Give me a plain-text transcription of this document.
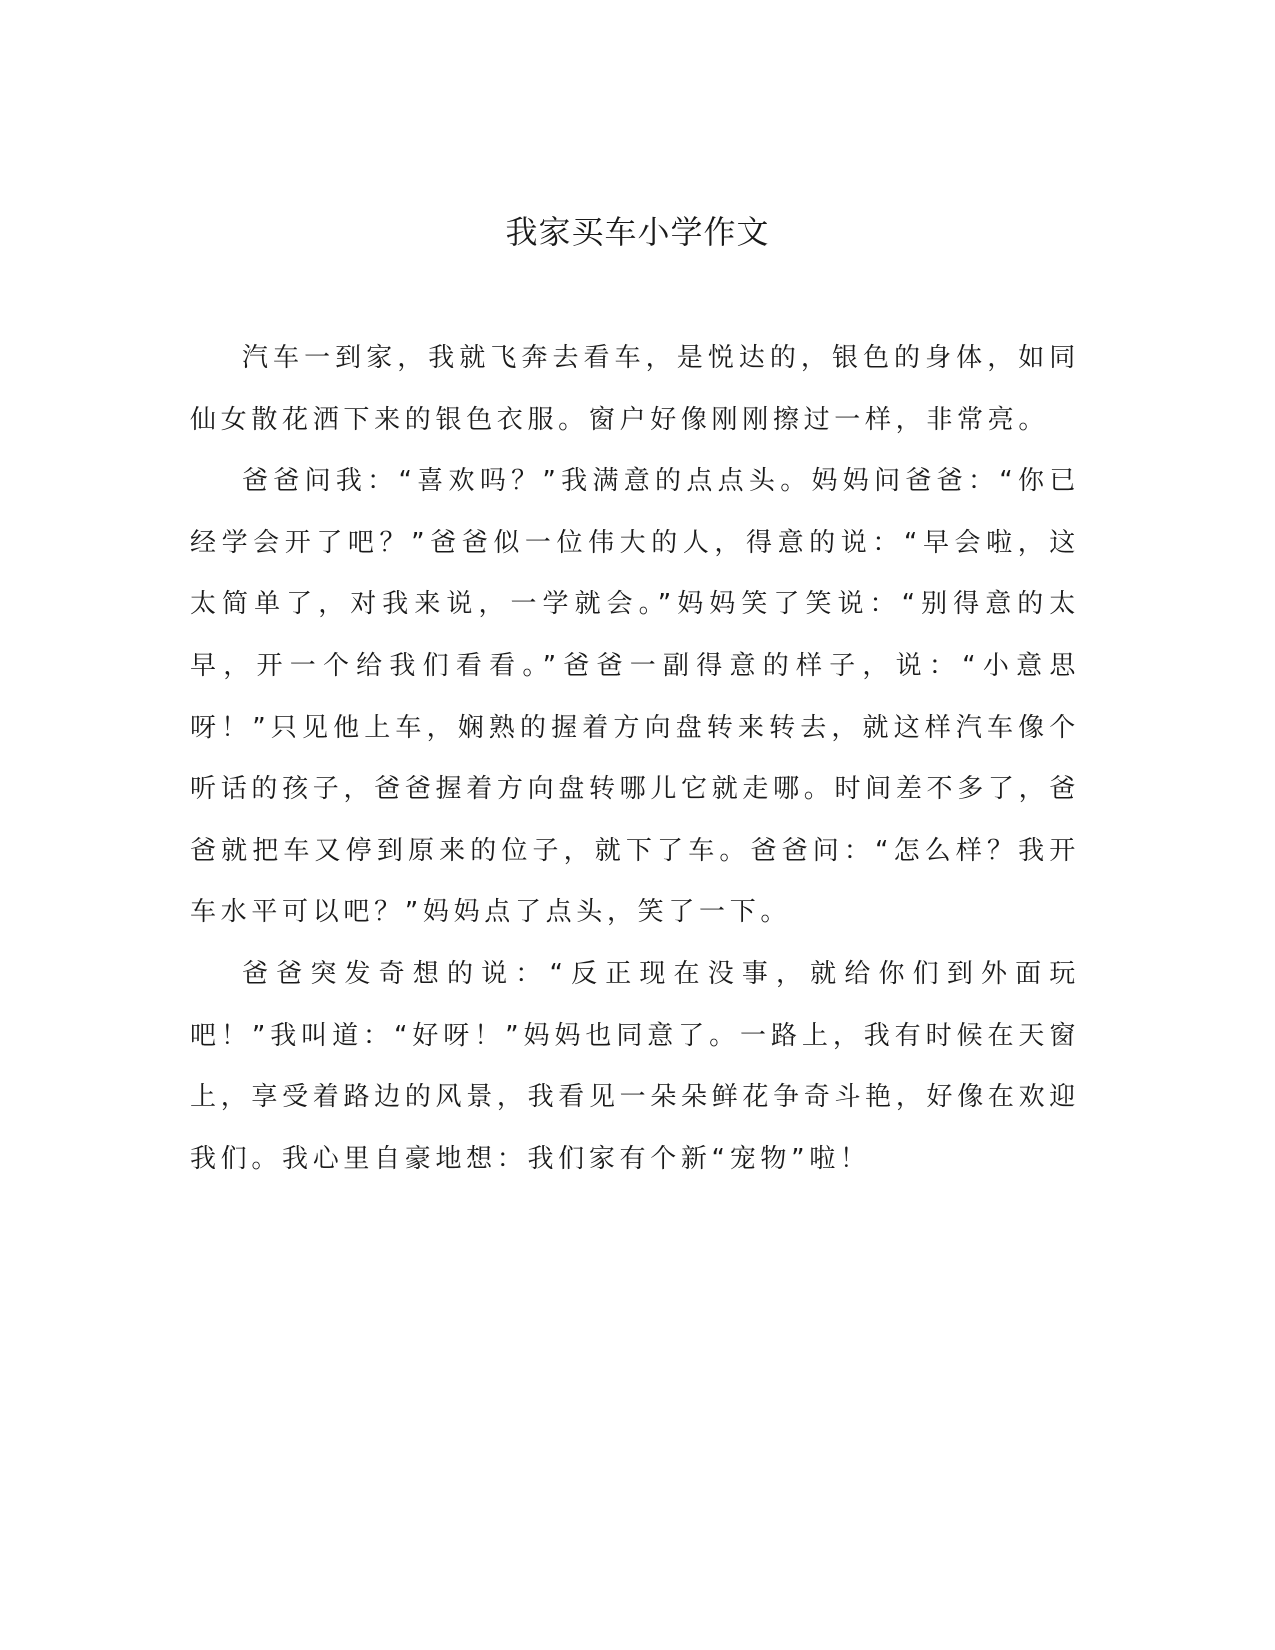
我家买车小学作文

汽车一到家，我就飞奔去看车，是悦达的，银色的身体，如同仙女散花洒下来的银色衣服。窗户好像刚刚擦过一样，非常亮。

爸爸问我：“喜欢吗？”我满意的点点头。妈妈问爸爸：“你已经学会开了吧？”爸爸似一位伟大的人，得意的说：“早会啦，这太简单了，对我来说，一学就会。”妈妈笑了笑说：“别得意的太早，开一个给我们看看。”爸爸一副得意的样子，说：“小意思呀！”只见他上车，娴熟的握着方向盘转来转去，就这样汽车像个听话的孩子，爸爸握着方向盘转哪儿它就走哪。时间差不多了，爸爸就把车又停到原来的位子，就下了车。爸爸问：“怎么样？我开车水平可以吧？”妈妈点了点头，笑了一下。

爸爸突发奇想的说：“反正现在没事，就给你们到外面玩吧！”我叫道：“好呀！”妈妈也同意了。一路上，我有时候在天窗上，享受着路边的风景，我看见一朵朵鲜花争奇斗艳，好像在欢迎我们。我心里自豪地想：我们家有个新“宠物”啦！
